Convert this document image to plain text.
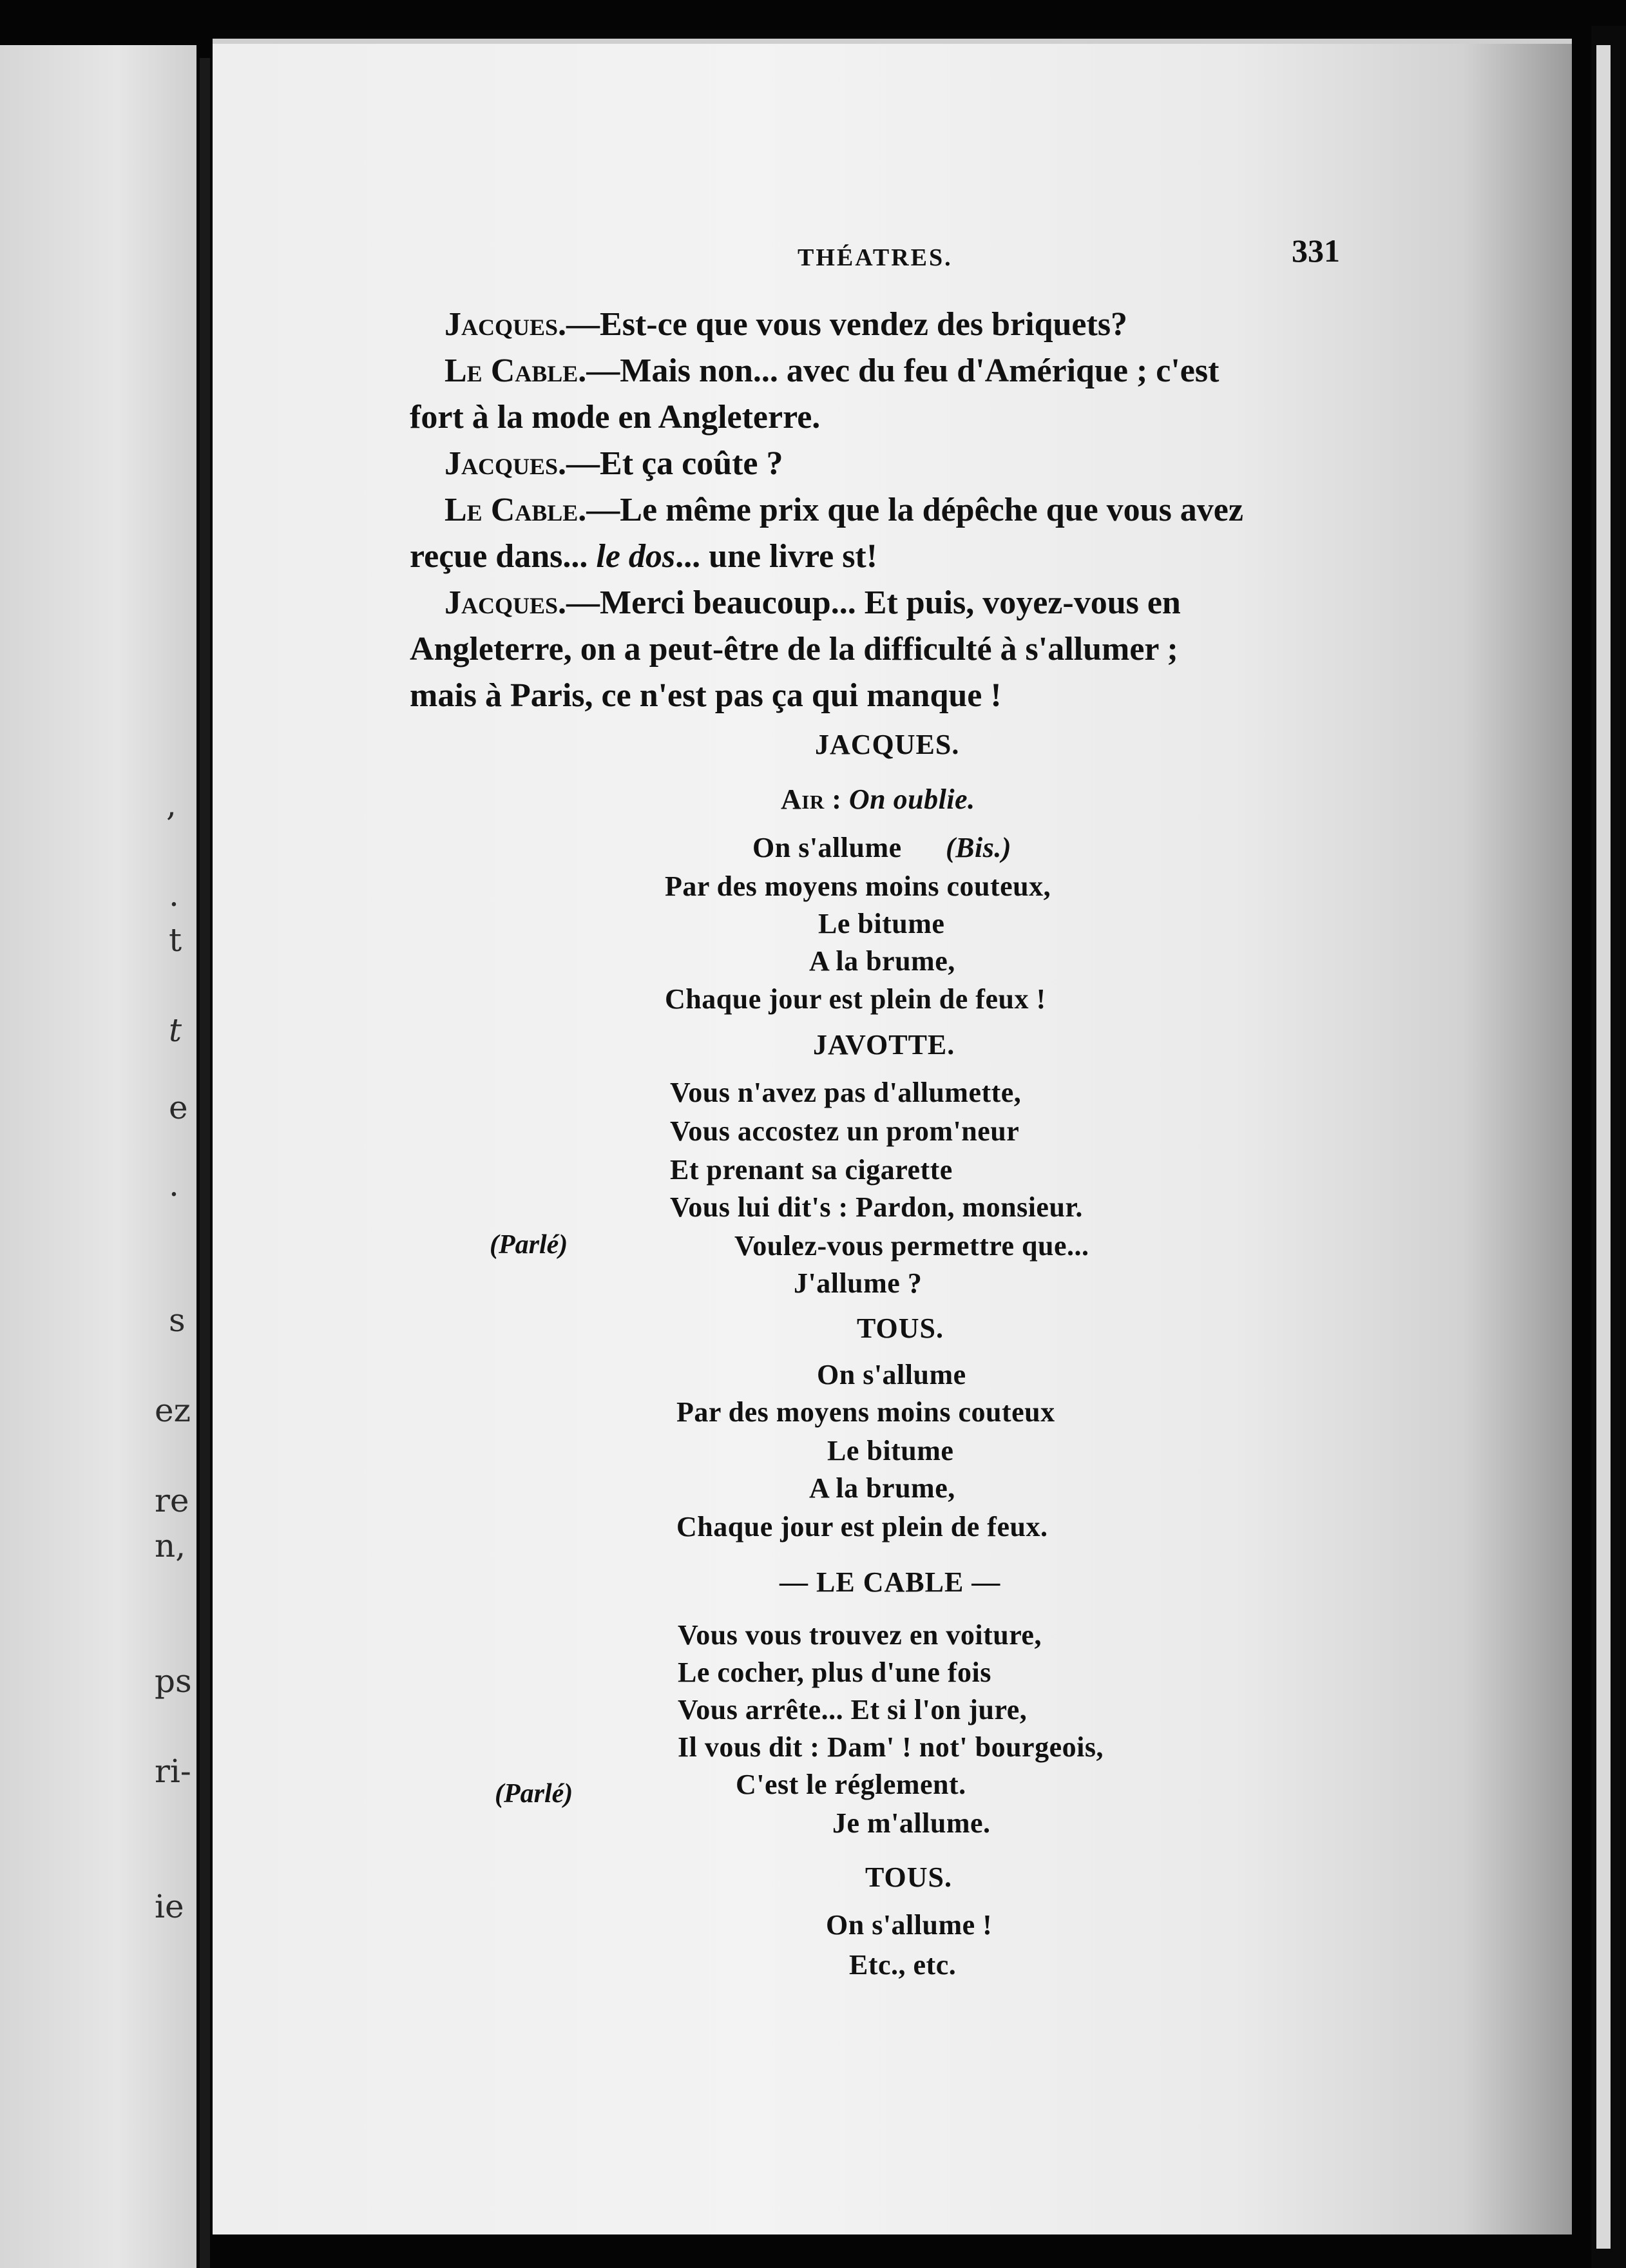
,
.
t
t
e
.
s
ez
re
n,
ps
ri-
ie
THÉATRES.	331
Jacques.—Est-ce que vous vendez des briquets?
Le Cable.—Mais non... avec du feu d'Amérique ; c'est
fort à la mode en Angleterre.
Jacques.—Et ça coûte ?
Le Cable.—Le même prix que la dépêche que vous avez
reçue dans... le dos... une livre st!
Jacques.—Merci beaucoup... Et puis, voyez-vous en
Angleterre, on a peut-être de la difficulté à s'allumer ;
mais à Paris, ce n'est pas ça qui manque !
JACQUES.
Air : On oublie.
On s'allume (Bis.)
Par des moyens moins couteux,
Le bitume
A la brume,
Chaque jour est plein de feux !
JAVOTTE.
Vous n'avez pas d'allumette,
Vous accostez un prom'neur
Et prenant sa cigarette
Vous lui dit's : Pardon, monsieur.
(Parlé)	Voulez-vous permettre que...
J'allume ?
TOUS.
On s'allume
Par des moyens moins couteux
Le bitume
A la brume,
Chaque jour est plein de feux.
— LE CABLE —
Vous vous trouvez en voiture,
Le cocher, plus d'une fois
Vous arrête... Et si l'on jure,
Il vous dit : Dam' ! not' bourgeois,
(Parlé)	C'est le réglement.
Je m'allume.
TOUS.
On s'allume !
Etc., etc.
